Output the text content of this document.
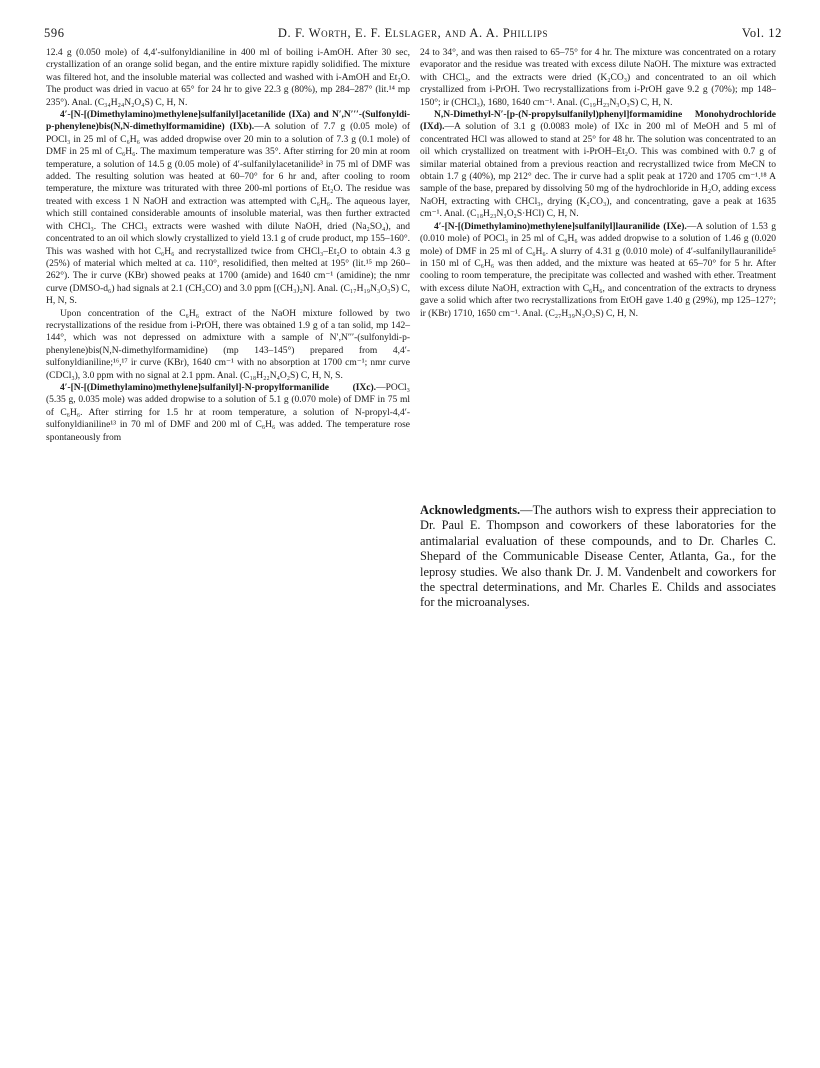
596	D. F. Worth, E. F. Elslager, and A. A. Phillips	Vol. 12

12.4 g (0.050 mole) of 4,4′-sulfonyldianiline in 400 ml of boiling i-AmOH. After 30 sec, crystallization of an orange solid began, and the entire mixture rapidly solidified. The mixture was filtered hot, and the insoluble material was collected and washed with i-AmOH and Et₂O. The product was dried in vacuo at 65° for 24 hr to give 22.3 g (80%), mp 284–287° (lit.¹⁴ mp 235°). Anal. (C₃₄H₂₄N₂O₄S) C, H, N.

4′-[N-[(Dimethylamino)methylene]sulfanilyl]acetanilide (IXa) and N′,N′′′-(Sulfonyldi-p-phenylene)bis(N,N-dimethylformamidine) (IXb).—A solution of 7.7 g (0.05 mole) of POCl₃ in 25 ml of C₆H₆ was added dropwise over 20 min to a solution of 7.3 g (0.1 mole) of DMF in 25 ml of C₆H₆. The maximum temperature was 35°. After stirring for 20 min at room temperature, a solution of 14.5 g (0.05 mole) of 4′-sulfanilylacetanilide³ in 75 ml of DMF was added. The resulting solution was heated at 60–70° for 6 hr and, after cooling to room temperature, the mixture was triturated with three 200-ml portions of Et₂O. The residue was treated with excess 1 N NaOH and extraction was attempted with C₆H₆. The aqueous layer, which still contained considerable amounts of insoluble material, was then further extracted with CHCl₃. The CHCl₃ extracts were washed with dilute NaOH, dried (Na₂SO₄), and concentrated to an oil which slowly crystallized to yield 13.1 g of crude product, mp 155–160°. This was washed with hot C₆H₆ and recrystallized twice from CHCl₃–Et₂O to obtain 4.3 g (25%) of material which melted at ca. 110°, resolidified, then melted at 195° (lit.¹⁵ mp 260–262°). The ir curve (KBr) showed peaks at 1700 (amide) and 1640 cm⁻¹ (amidine); the nmr curve (DMSO-d₆) had signals at 2.1 (CH₃CO) and 3.0 ppm [(CH₃)₂N]. Anal. (C₁₇H₁₉N₃O₃S) C, H, N, S.

Upon concentration of the C₆H₆ extract of the NaOH mixture followed by two recrystallizations of the residue from i-PrOH, there was obtained 1.9 g of a tan solid, mp 142–144°, which was not depressed on admixture with a sample of N′,N′′′-(sulfonyldi-p-phenylene)bis(N,N-dimethylformamidine) (mp 143–145°) prepared from 4,4′-sulfonyldianiline;¹⁶,¹⁷ ir curve (KBr), 1640 cm⁻¹ with no absorption at 1700 cm⁻¹; nmr curve (CDCl₃), 3.0 ppm with no signal at 2.1 ppm. Anal. (C₁₈H₂₂N₄O₂S) C, H, N, S.

4′-[N-[(Dimethylamino)methylene]sulfanilyl]-N-propylformanilide (IXc).—POCl₃ (5.35 g, 0.035 mole) was added dropwise to a solution of 5.1 g (0.070 mole) of DMF in 75 ml of C₆H₆. After stirring for 1.5 hr at room temperature, a solution of N-propyl-4,4′-sulfonyldianiline¹³ in 70 ml of DMF and 200 ml of C₆H₆ was added. The temperature rose spontaneously from

24 to 34°, and was then raised to 65–75° for 4 hr. The mixture was concentrated on a rotary evaporator and the residue was treated with excess dilute NaOH. The mixture was extracted with CHCl₃, and the extracts were dried (K₂CO₃) and concentrated to an oil which crystallized from i-PrOH. Two recrystallizations from i-PrOH gave 9.2 g (70%); mp 148–150°; ir (CHCl₃), 1680, 1640 cm⁻¹. Anal. (C₁₉H₂₃N₃O₃S) C, H, N.

N,N-Dimethyl-N′-[p-(N-propylsulfanilyl)phenyl]formamidine Monohydrochloride (IXd).—A solution of 3.1 g (0.0083 mole) of IXc in 200 ml of MeOH and 5 ml of concentrated HCl was allowed to stand at 25° for 48 hr. The solution was concentrated to an oil which crystallized on treatment with i-PrOH–Et₂O. This was combined with 0.7 g of similar material obtained from a previous reaction and recrystallized twice from MeCN to obtain 1.7 g (40%), mp 212° dec. The ir curve had a split peak at 1720 and 1705 cm⁻¹.¹⁸ A sample of the base, prepared by dissolving 50 mg of the hydrochloride in H₂O, adding excess NaOH, extracting with CHCl₃, drying (K₂CO₃), and concentrating, gave a peak at 1635 cm⁻¹. Anal. (C₁₈H₂₃N₃O₂S·HCl) C, H, N.

4′-[N-[(Dimethylamino)methylene]sulfanilyl]lauranilide (IXe).—A solution of 1.53 g (0.010 mole) of POCl₃ in 25 ml of C₆H₆ was added dropwise to a solution of 1.46 g (0.020 mole) of DMF in 25 ml of C₆H₆. A slurry of 4.31 g (0.010 mole) of 4′-sulfanilyllauranilide⁵ in 150 ml of C₆H₆ was then added, and the mixture was heated at 65–70° for 5 hr. After cooling to room temperature, the precipitate was collected and washed with ether. Treatment with excess dilute NaOH, extraction with C₆H₆, and concentration of the extracts to dryness gave a solid which after two recrystallizations from EtOH gave 1.40 g (29%), mp 125–127°; ir (KBr) 1710, 1650 cm⁻¹. Anal. (C₂₇H₃₉N₃O₃S) C, H, N.

Acknowledgments.—The authors wish to express their appreciation to Dr. Paul E. Thompson and coworkers of these laboratories for the antimalarial evaluation of these compounds, and to Dr. Charles C. Shepard of the Communicable Disease Center, Atlanta, Ga., for the leprosy studies. We also thank Dr. J. M. Vandenbelt and coworkers for the spectral determinations, and Mr. Charles E. Childs and associates for the microanalyses.
